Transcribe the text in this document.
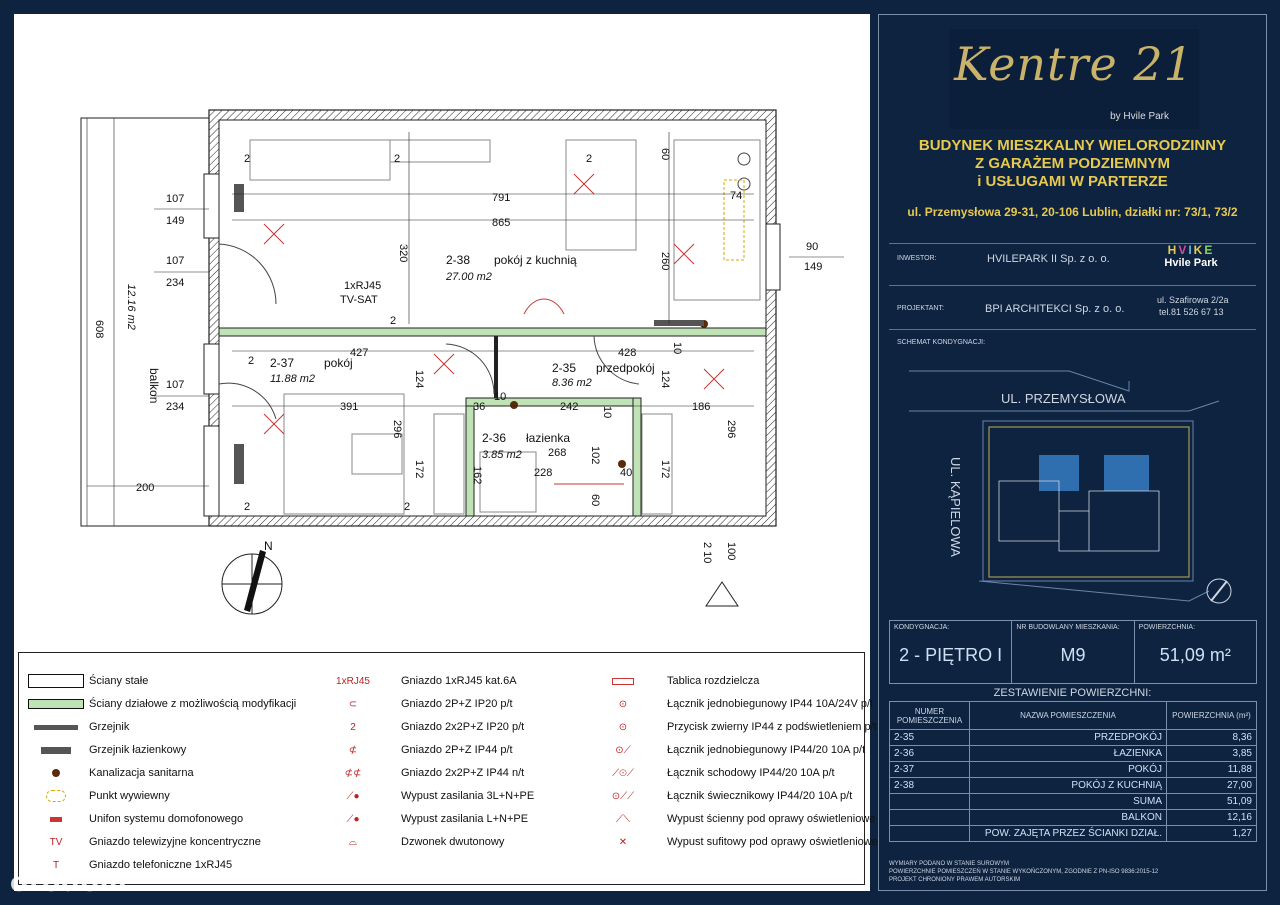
791
865
74
320	260
60
427	428	10
124	124
391	36	242 10	186
10
296	296
172	172
268 102
228
162	40
60
608
200
2 10 100
107
149
107
234
107
234
90
149
2	2	2
2	2
2
2
2-38 pokój z kuchnią
27.00 m2
2-37 pokój
11.88 m2
2-35 przedpokój
8.36 m2
2-36 łazienka
3.85 m2
balkon
12.16 m2	1xRJ45
TV-SAT
N
Ściany stałe
Ściany działowe z możliwością modyfikacji
Grzejnik
Grzejnik łazienkowy
Kanalizacja sanitarna
Punkt wywiewny
Unifon systemu domofonowego
TV Gniazdo telewizyjne koncentryczne
T	Gniazdo telefoniczne 1xRJ45
1xRJ45	Gniazdo 1xRJ45 kat.6A
⊂	Gniazdo 2P+Z IP20 p/t
2	Gniazdo 2x2P+Z IP20 p/t
⊄	Gniazdo 2P+Z IP44 p/t
⊄⊄	Gniazdo 2x2P+Z IP44 n/t
⟋●	Wypust zasilania 3L+N+PE
⟋●	Wypust zasilania L+N+PE
⌓	Dzwonek dwutonowy
Tablica rozdzielcza
⊙	Łącznik jednobiegunowy IP44 10A/24V p/t
⊙	Przycisk zwierny IP44 z podświetleniem p/t
⊙⟋	Łącznik jednobiegunowy IP44/20 10A p/t
⟋⊙⟋	Łącznik schodowy IP44/20 10A p/t
⊙⟋⟋	Łącznik świecznikowy IP44/20 10A p/t
⟋⟍	Wypust ścienny pod oprawy oświetleniowe
✕	Wypust sufitowy pod oprawy oświetleniowe
Kentre 21
by Hvile Park
BUDYNEK MIESZKALNY WIELORODZINNY
Z GARAŻEM PODZIEMNYM
i USŁUGAMI W PARTERZE
ul. Przemysłowa 29-31, 20-106 Lublin, działki nr: 73/1, 73/2
INWESTOR:	HVILEPARK II Sp. z o. o.
HVIKE
Hvile Park
PROJEKTANT:	BPI ARCHITEKCI Sp. z o. o.
ul. Szafirowa 2/2a
tel.81 526 67 13
SCHEMAT KONDYGNACJI:
UL. PRZEMYSŁOWA
UL. KĄPIELOWA
KONDYGNACJA:
2 - PIĘTRO I
NR BUDOWLANY MIESZKANIA:
M9
POWIERZCHNIA:
51,09 m²
ZESTAWIENIE POWIERZCHNI:
NUMER POMIESZCZENIA	NAZWA POMIESZCZENIA	POWIERZCHNIA (m²)
2-35	PRZEDPOKÓJ	8,36
2-36	ŁAZIENKA	3,85
2-37	POKÓJ	11,88
2-38	POKÓJ Z KUCHNIĄ	27,00
	SUMA	51,09
	BALKON	12,16
	POW. ZAJĘTA PRZEZ ŚCIANKI DZIAŁ.	1,27
WYMIARY PODANO W STANIE SUROWYM
POWIERZCHNIE POMIESZCZEŃ W STANIE WYKOŃCZONYM, ZGODNIE Z PN-ISO 9836:2015-12
PROJEKT CHRONIONY PRAWEM AUTORSKIM
otodom
